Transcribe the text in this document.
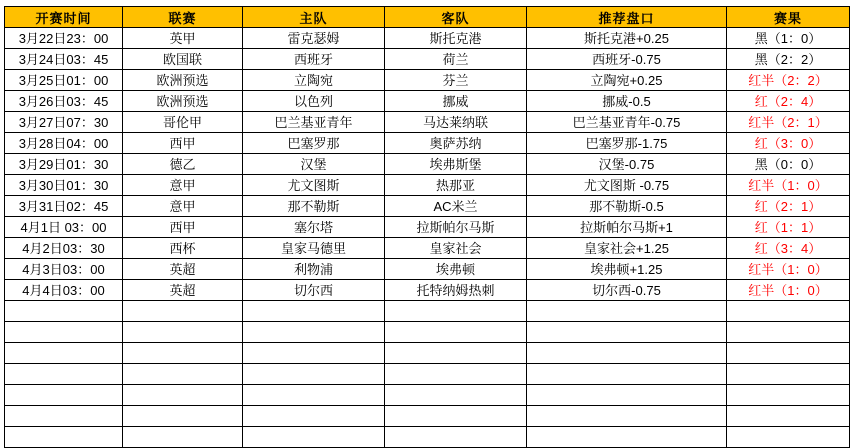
开赛时间	联赛	主队	客队	推荐盘口	赛果

3月22日23：00	英甲	雷克瑟姆	斯托克港	斯托克港+0.25	黑（1：0）

3月24日03：45	欧国联	西班牙	荷兰	西班牙-0.75	黑（2：2）

3月25日01：00	欧洲预选	立陶宛	芬兰	立陶宛+0.25	红半（2：2）

3月26日03：45	欧洲预选	以色列	挪威	挪威-0.5	红（2：4）

3月27日07：30	哥伦甲	巴兰基亚青年	马达莱纳联	巴兰基亚青年-0.75	红半（2：1）

3月28日04：00	西甲	巴塞罗那	奥萨苏纳	巴塞罗那-1.75	红（3：0）

3月29日01：30	德乙	汉堡	埃弗斯堡	汉堡-0.75	黑（0：0）

3月30日01：30	意甲	尤文图斯	热那亚	尤文图斯 -0.75	红半（1：0）

3月31日02：45	意甲	那不勒斯	AC米兰	那不勒斯-0.5	红（2：1）

4月1日 03：00	西甲	塞尔塔	拉斯帕尔马斯	拉斯帕尔马斯+1	红（1：1）

4月2日03：30	西杯	皇家马德里	皇家社会	皇家社会+1.25	红（3：4）

4月3日03：00	英超	利物浦	埃弗顿	埃弗顿+1.25	红半（1：0）

4月4日03：00	英超	切尔西	托特纳姆热刺	切尔西-0.75	红半（1：0）
